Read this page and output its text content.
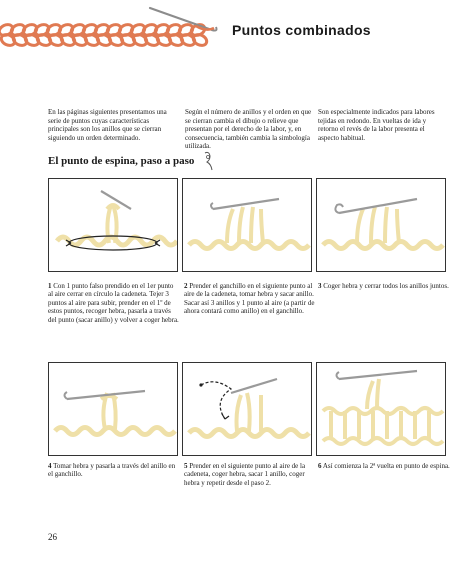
Puntos combinados
En las páginas siguientes presentamos una serie de puntos cuyas características principales son los anillos que se cierran siguiendo un orden determinado.
Según el número de anillos y el orden en que se cierran cambia el dibujo o relieve que presentan por el derecho de la labor, y, en consecuencia, también cambia la simbología utilizada.
Son especialmente indicados para labores tejidas en redondo. En vueltas de ida y retorno el revés de la labor presenta el aspecto habitual.
El punto de espina, paso a paso
1 Con 1 punto falso prendido en el 1er punto al aire cerrar en círculo la cadeneta. Tejer 3 puntos al aire para subir, prender en el 1º de estos puntos, recoger hebra, pasarla a través del punto (sacar anillo) y volver a coger hebra.
2 Prender el ganchillo en el siguiente punto al aire de la cadeneta, tomar hebra y sacar anillo. Sacar así 3 anillos y 1 punto al aire (a partir de ahora contará como anillo) en el ganchillo.
3 Coger hebra y cerrar todos los anillos juntos.
4 Tomar hebra y pasarla a través del anillo en el ganchillo.
5 Prender en el siguiente punto al aire de la cadeneta, coger hebra, sacar 1 anillo, coger hebra y repetir desde el paso 2.
6 Así comienza la 2ª vuelta en punto de espina.
26
